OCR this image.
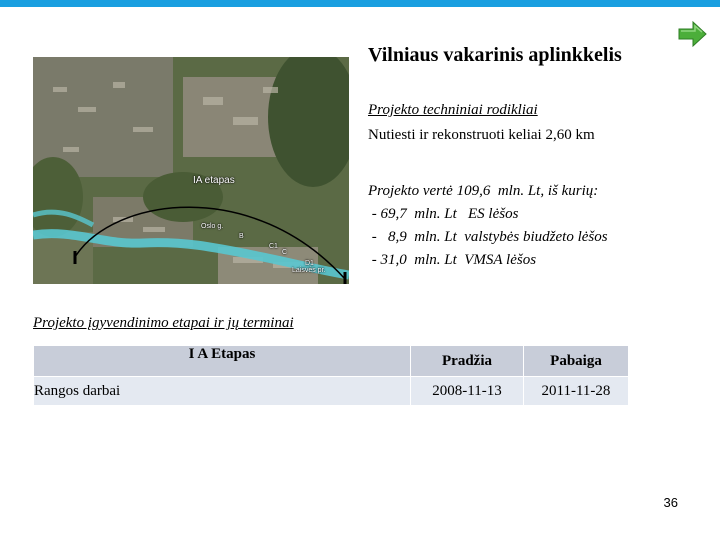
Vilniaus vakarinis aplinkkelis
IA etapas
Oslo g.
B
C1
C
D1
Laisvės pr.
Projekto techniniai rodikliai
Nutiesti ir rekonstruoti keliai 2,60 km
Projekto vertė 109,6  mln. Lt, iš kurių:
- 69,7  mln. Lt   ES lėšos
-   8,9  mln. Lt  valstybės biudžeto lėšos
- 31,0  mln. Lt  VMSA lėšos
Projekto įgyvendinimo etapai ir jų terminai
I A Etapas	Pradžia	Pabaiga
Rangos darbai	2008-11-13	2011-11-28
36
